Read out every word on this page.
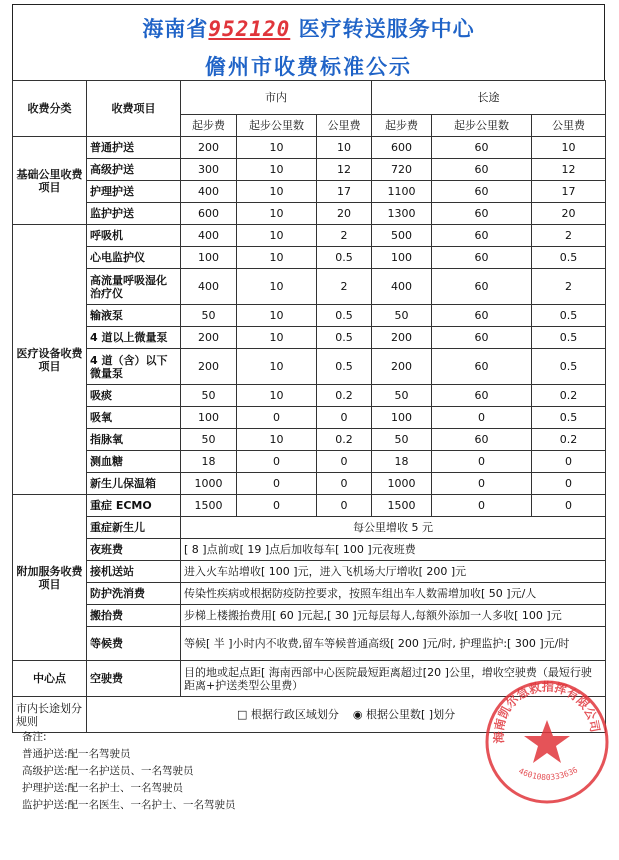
海南省952120 医疗转送服务中心
儋州市收费标准公示
收费分类	收费项目	市内			长途		
		起步费	起步公里数	公里费	起步费	起步公里数	公里费
基础公里收费项目	普通护送	200	10	10	600	60	10
	高级护送	300	10	12	720	60	12
	护理护送	400	10	17	1100	60	17
	监护护送	600	10	20	1300	60	20
医疗设备收费项目	呼吸机	400	10	2	500	60	2
	心电监护仪	100	10	0.5	100	60	0.5
	高流量呼吸湿化治疗仪	400	10	2	400	60	2
	输液泵	50	10	0.5	50	60	0.5
	4 道以上微量泵	200	10	0.5	200	60	0.5
	4 道（含）以下微量泵	200	10	0.5	200	60	0.5
	吸痰	50	10	0.2	50	60	0.2
	吸氧	100	0	0	100	0	0.5
	指脉氧	50	10	0.2	50	60	0.2
	测血糖	18	0	0	18	0	0
	新生儿保温箱	1000	0	0	1000	0	0
附加服务收费项目	重症 ECMO	1500	0	0	1500	0	0
	重症新生儿	每公里增收 5 元					
	夜班费	[ 8 ]点前或[ 19 ]点后加收每车[ 100 ]元夜班费					
	接机送站	进入火车站增收[ 100 ]元，进入飞机场大厅增收[ 200 ]元					
	防护洗消费	传染性疾病或根据防疫防控要求，按照车组出车人数需增加收[ 50 ]元/人					
	搬抬费	步梯上楼搬抬费用[ 60 ]元起,[ 30 ]元每层每人,每额外添加一人多收[ 100 ]元					
	等候费	等候[ 半 ]小时内不收费,留车等候普通高级[ 200 ]元/时, 护理监护:[ 300 ]元/时					
中心点	空驶费	目的地或起点距[ 海南西部中心医院最短距离超过[20 ]公里，增收空驶费（最短行驶距离+护送类型公里费）					
市内长途划分规则	□ 根据行政区域划分 ◉ 根据公里数[ ]划分						
备注:
普通护送:配一名驾驶员
高级护送:配一名护送员、一名驾驶员
护理护送:配一名护士、一名驾驶员
监护护送:配一名医生、一名护士、一名驾驶员
海南凯尔急救指挥有限公司
4601080333636
